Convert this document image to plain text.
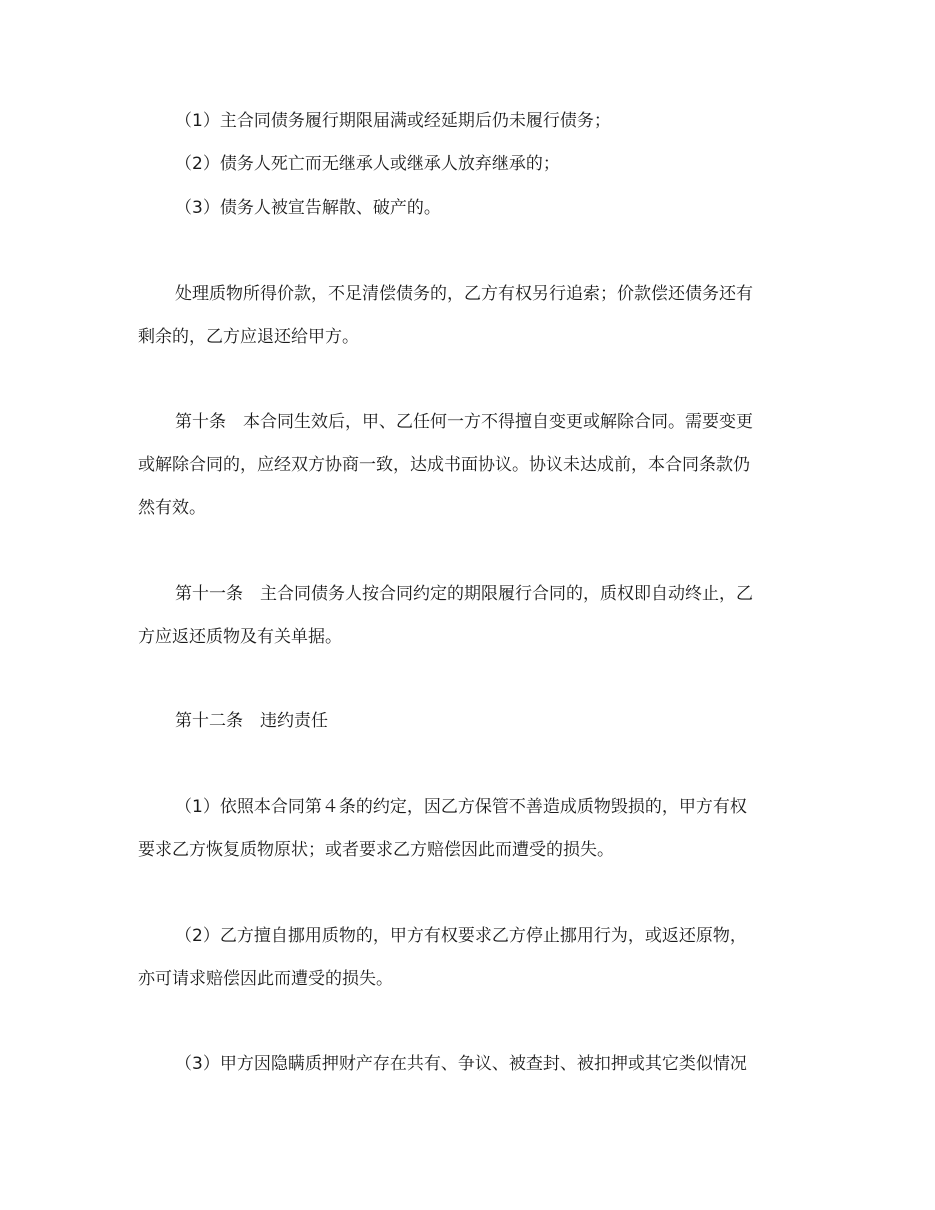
（1）主合同债务履行期限届满或经延期后仍未履行债务；
（2）债务人死亡而无继承人或继承人放弃继承的；
（3）债务人被宣告解散、破产的。
处理质物所得价款，不足清偿债务的，乙方有权另行追索；价款偿还债务还有
剩余的，乙方应退还给甲方。
第十条　本合同生效后，甲、乙任何一方不得擅自变更或解除合同。需要变更
或解除合同的，应经双方协商一致，达成书面协议。协议未达成前，本合同条款仍
然有效。
第十一条　主合同债务人按合同约定的期限履行合同的，质权即自动终止，乙
方应返还质物及有关单据。
第十二条　违约责任
（1）依照本合同第４条的约定，因乙方保管不善造成质物毁损的，甲方有权
要求乙方恢复质物原状；或者要求乙方赔偿因此而遭受的损失。
（2）乙方擅自挪用质物的，甲方有权要求乙方停止挪用行为，或返还原物，
亦可请求赔偿因此而遭受的损失。
（3）甲方因隐瞒质押财产存在共有、争议、被查封、被扣押或其它类似情况
